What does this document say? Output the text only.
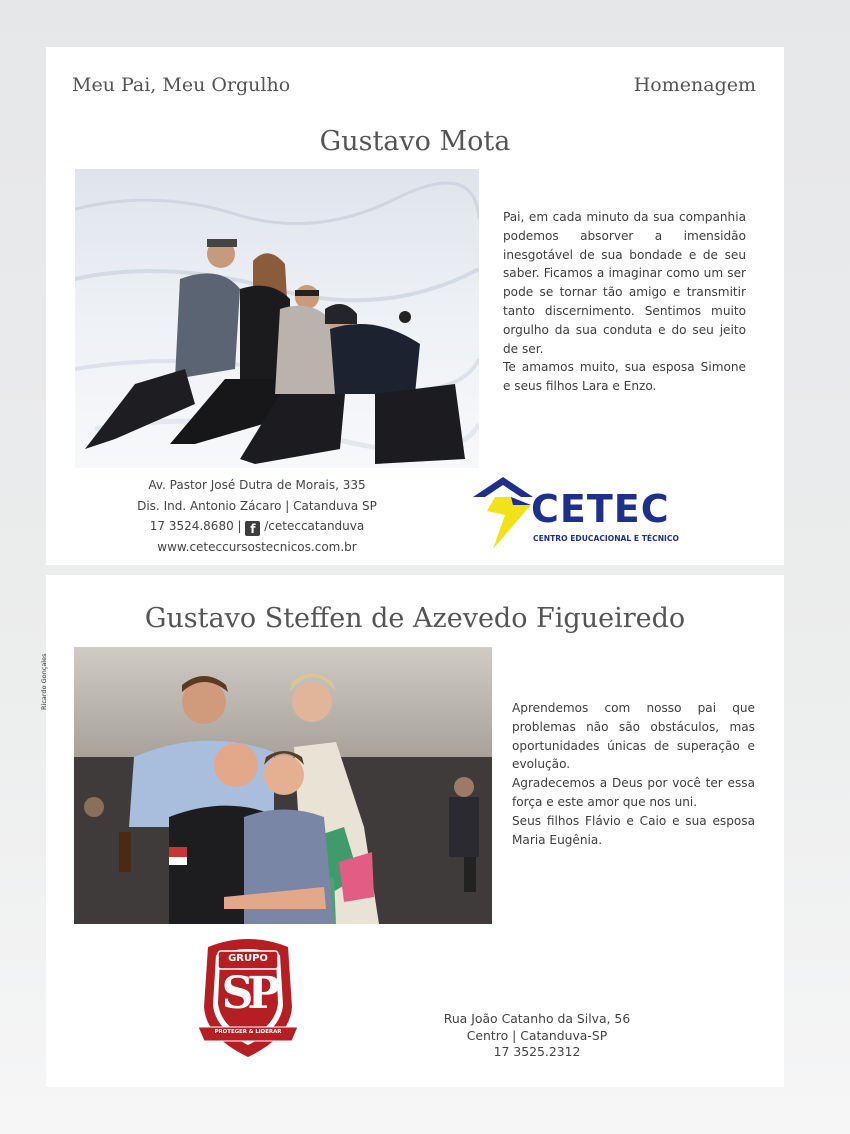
Meu Pai, Meu Orgulho	Homenagem
Gustavo Mota

Pai, em cada minuto da sua companhia podemos absorver a imensidão inesgotável de sua bondade e de seu saber. Ficamos a imaginar como um ser pode se tornar tão amigo e transmitir tanto discernimento. Sentimos muito orgulho da sua conduta e do seu jeito de ser.

Te amamos muito, sua esposa Simone e seus filhos Lara e Enzo.

Av. Pastor José Dutra de Morais, 335
Dis. Ind. Antonio Zácaro | Catanduva SP
17 3524.8680 | f /ceteccatanduva
www.ceteccursostecnicos.com.br
CETEC
CENTRO EDUCACIONAL E TÉCNICO
Gustavo Steffen de Azevedo Figueiredo
Ricardo Gonçales	Aprendemos com nosso pai que problemas não são obstáculos, mas oportunidades únicas de superação e evolução.

Agradecemos a Deus por você ter essa força e este amor que nos uni.

Seus filhos Flávio e Caio e sua esposa Maria Eugênia.

GRUPO
SP
PROTEGER & LIDERAR
Rua João Catanho da Silva, 56
Centro | Catanduva-SP
17 3525.2312
